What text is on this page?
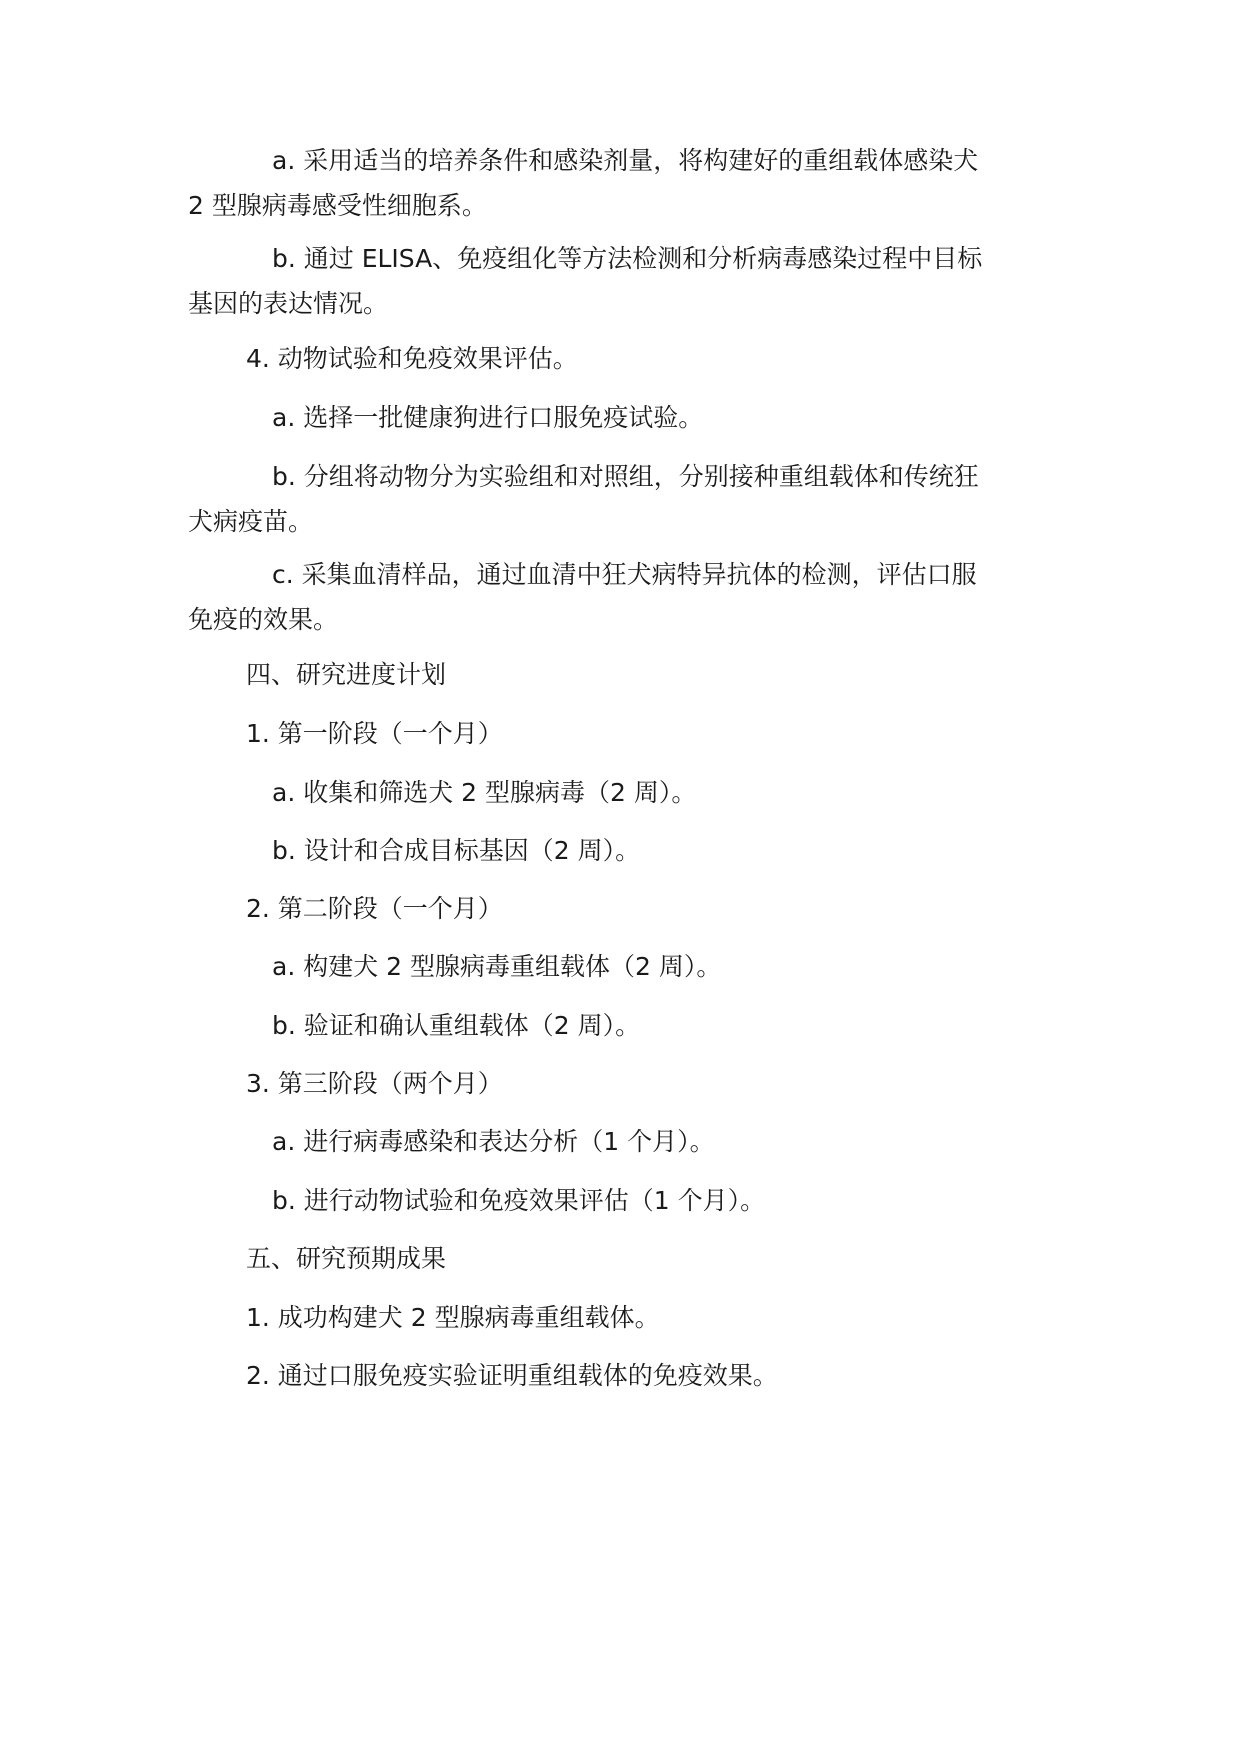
a. 采用适当的培养条件和感染剂量，将构建好的重组载体感染犬
2 型腺病毒感受性细胞系。
b. 通过 ELISA、免疫组化等方法检测和分析病毒感染过程中目标
基因的表达情况。
4. 动物试验和免疫效果评估。
a. 选择一批健康狗进行口服免疫试验。
b. 分组将动物分为实验组和对照组，分别接种重组载体和传统狂
犬病疫苗。
c. 采集血清样品，通过血清中狂犬病特异抗体的检测，评估口服
免疫的效果。
四、研究进度计划
1. 第一阶段（一个月）
a. 收集和筛选犬 2 型腺病毒（2 周）。
b. 设计和合成目标基因（2 周）。
2. 第二阶段（一个月）
a. 构建犬 2 型腺病毒重组载体（2 周）。
b. 验证和确认重组载体（2 周）。
3. 第三阶段（两个月）
a. 进行病毒感染和表达分析（1 个月）。
b. 进行动物试验和免疫效果评估（1 个月）。
五、研究预期成果
1. 成功构建犬 2 型腺病毒重组载体。
2. 通过口服免疫实验证明重组载体的免疫效果。
